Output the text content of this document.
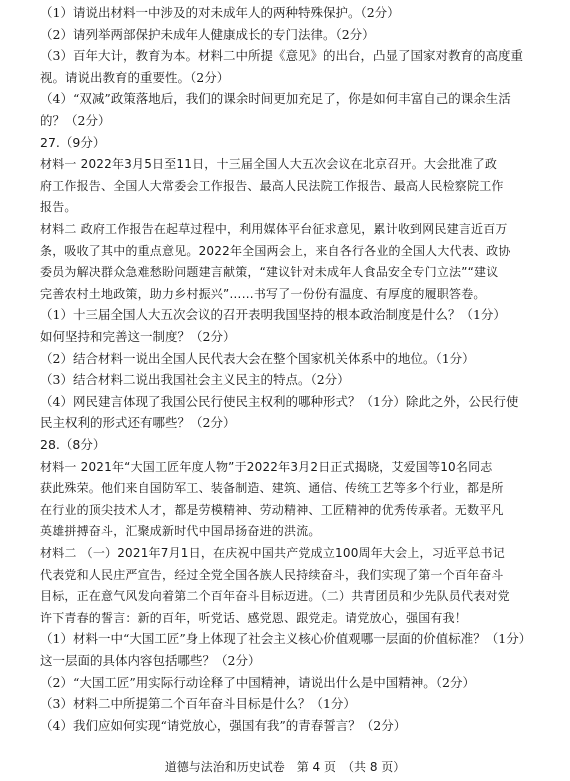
（1）请说出材料一中涉及的对未成年人的两种特殊保护。（2分）
（2）请列举两部保护未成年人健康成长的专门法律。（2分）
（3）百年大计，教育为本。材料二中所提《意见》的出台，凸显了国家对教育的高度重
视。请说出教育的重要性。（2分）
（4）“双减”政策落地后，我们的课余时间更加充足了，你是如何丰富自己的课余生活
的？（2分）
27.（9分）
材料一 2022年3月5日至11日，十三届全国人大五次会议在北京召开。大会批准了政
府工作报告、全国人大常委会工作报告、最高人民法院工作报告、最高人民检察院工作
报告。
材料二 政府工作报告在起草过程中，利用媒体平台征求意见，累计收到网民建言近百万
条，吸收了其中的重点意见。2022年全国两会上，来自各行各业的全国人大代表、政协
委员为解决群众急难愁盼问题建言献策，“建议针对未成年人食品安全专门立法”“建议
完善农村土地政策，助力乡村振兴”……书写了一份份有温度、有厚度的履职答卷。
（1）十三届全国人大五次会议的召开表明我国坚持的根本政治制度是什么？（1分）
如何坚持和完善这一制度？（2分）
（2）结合材料一说出全国人民代表大会在整个国家机关体系中的地位。（1分）
（3）结合材料二说出我国社会主义民主的特点。（2分）
（4）网民建言体现了我国公民行使民主权利的哪种形式？（1分）除此之外，公民行使
民主权利的形式还有哪些？（2分）
28.（8分）
材料一 2021年“大国工匠年度人物”于2022年3月2日正式揭晓，艾爱国等10名同志
获此殊荣。他们来自国防军工、装备制造、建筑、通信、传统工艺等多个行业，都是所
在行业的顶尖技术人才，都是劳模精神、劳动精神、工匠精神的优秀传承者。无数平凡
英雄拼搏奋斗，汇聚成新时代中国昂扬奋进的洪流。
材料二 （一）2021年7月1日，在庆祝中国共产党成立100周年大会上，习近平总书记
代表党和人民庄严宣告，经过全党全国各族人民持续奋斗，我们实现了第一个百年奋斗
目标，正在意气风发向着第二个百年奋斗目标迈进。（二）共青团员和少先队员代表对党
许下青春的誓言：新的百年，听党话、感党恩、跟党走。请党放心，强国有我！
（1）材料一中“大国工匠”身上体现了社会主义核心价值观哪一层面的价值标准？（1分）
这一层面的具体内容包括哪些？（2分）
（2）“大国工匠”用实际行动诠释了中国精神，请说出什么是中国精神。（2分）
（3）材料二中所提第二个百年奋斗目标是什么？（1分）
（4）我们应如何实现“请党放心，强国有我”的青春誓言？（2分）
道德与法治和历史试卷　第 4 页　（共 8 页）
